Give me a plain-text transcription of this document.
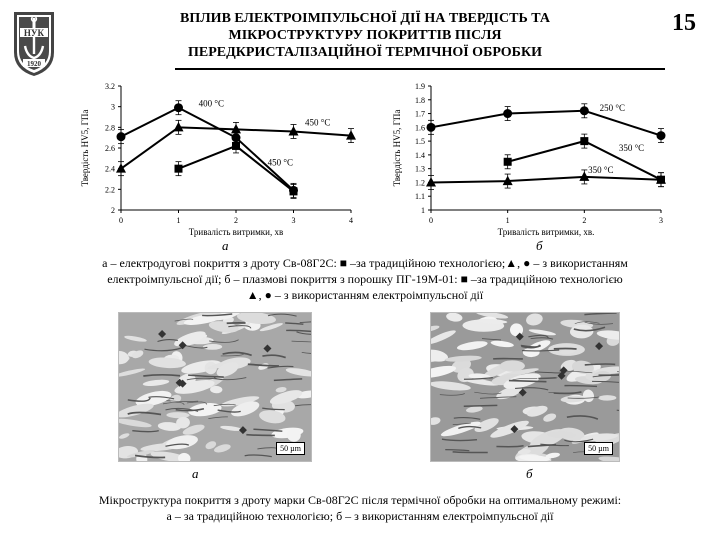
НУК
1920
ВПЛИВ ЕЛЕКТРОІМПУЛЬСНОЇ ДІЇ НА ТВЕРДІСТЬ ТА
МІКРОСТРУКТУРУ ПОКРИТТІВ ПІСЛЯ
ПЕРЕДКРИСТАЛІЗАЦІЙНОЇ ТЕРМІЧНОЇ ОБРОБКИ
15
2
2.2
2.4
2.6
2.8
3
3.2
0	1	2	3	4
Тривалість витримки, хв
Твердість HV5, ГПа
400 °C
450 °C
450 °C
1
1.1
1.2
1.3
1.4
1.5
1.6
1.7
1.8
1.9
0	1	2	3
Тривалість витримки, хв.
Твердість HV5, ГПа
250 °C
350 °C
350 °C
а	б
а – електродугові покриття з дроту Св-08Г2С: ■ –за традиційною технологією;▲, ● – з використанням
електроімпульсної дії; б – плазмові покриття з порошку ПГ-19М-01: ■ –за традиційною технологією
▲, ● – з використанням електроімпульсної дії
50 µm	50 µm
а	б
Мікроструктура покриття з дроту марки Св-08Г2С після термічної обробки на оптимальному режимі:
а – за традиційною технологією; б – з використанням електроімпульсної дії
